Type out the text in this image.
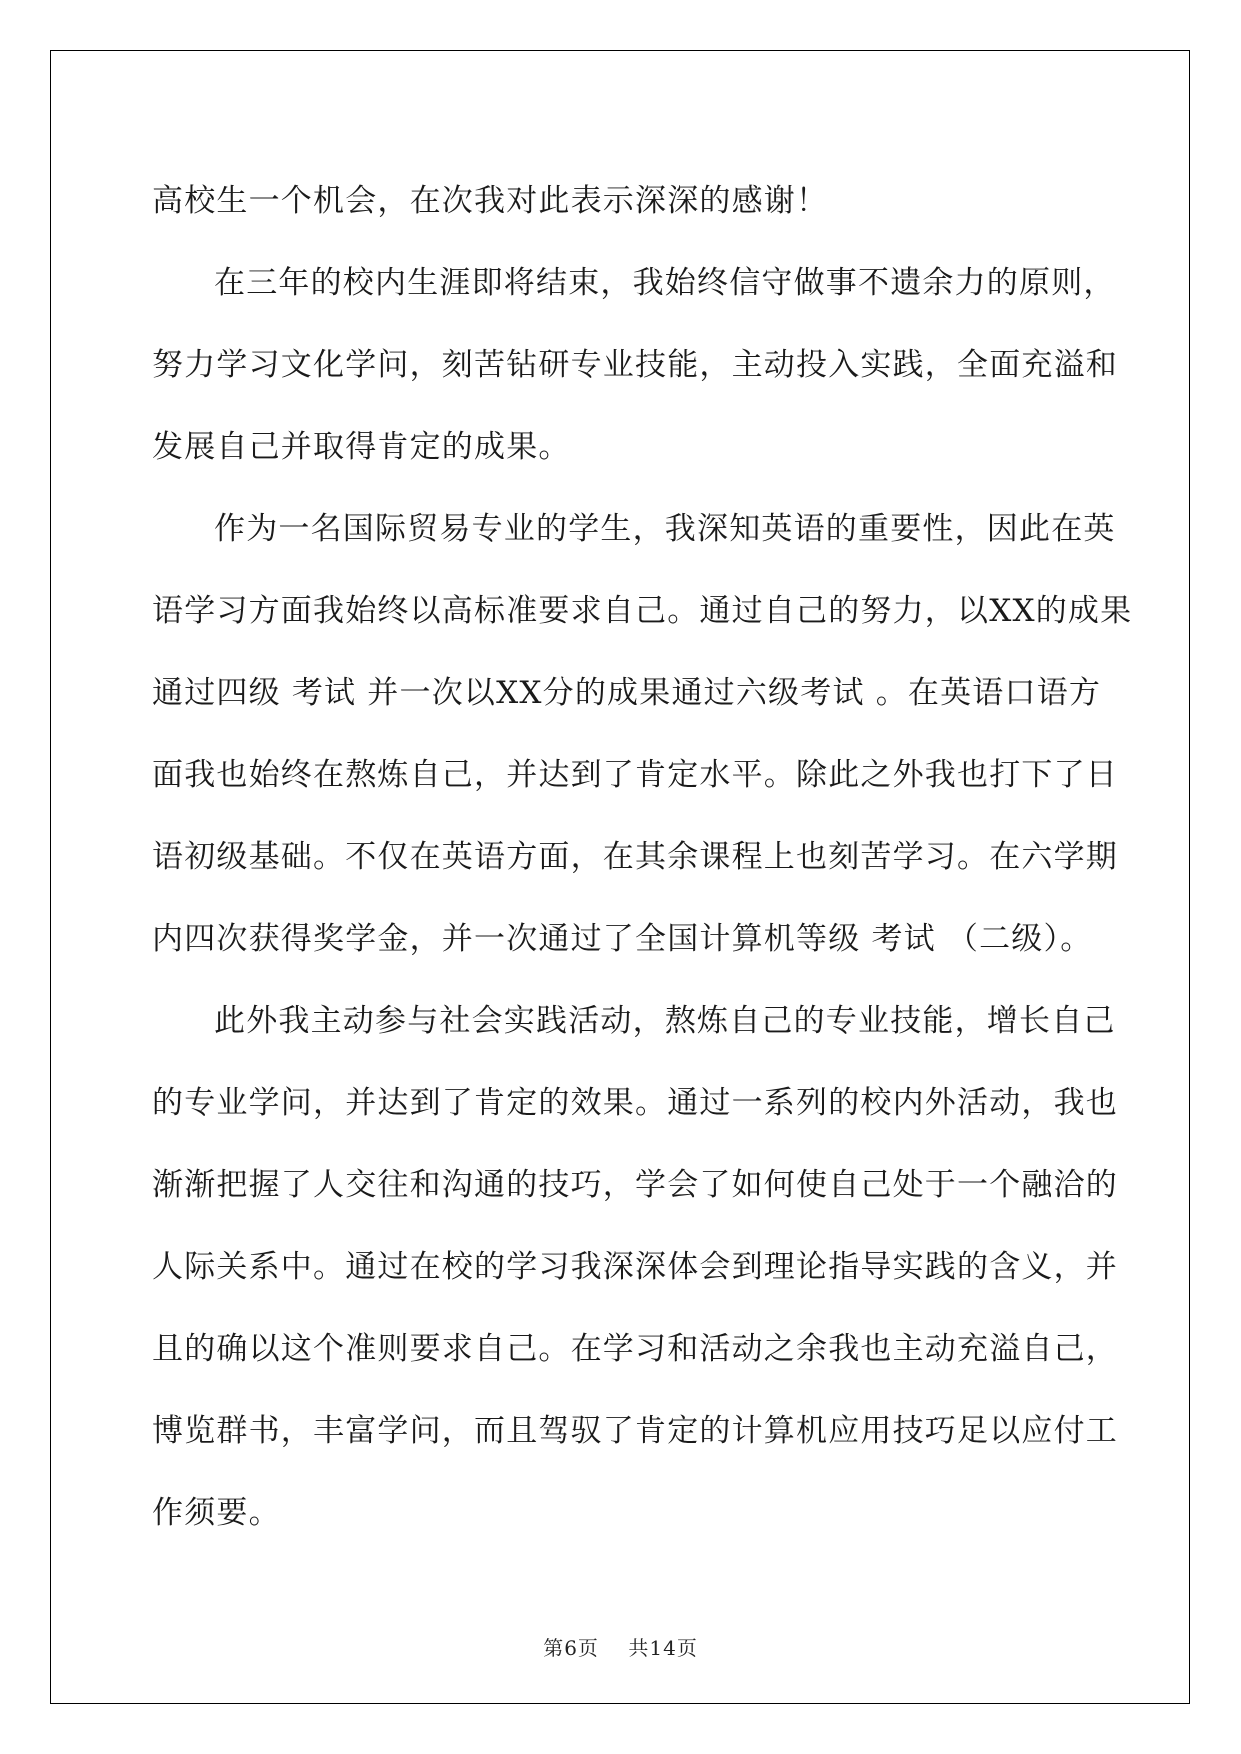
高校生一个机会，在次我对此表示深深的感谢！
在三年的校内生涯即将结束，我始终信守做事不遗余力的原则，
努力学习文化学问，刻苦钻研专业技能，主动投入实践，全面充溢和
发展自己并取得肯定的成果。
作为一名国际贸易专业的学生，我深知英语的重要性，因此在英
语学习方面我始终以高标准要求自己。通过自己的努力，以XX的成果
通过四级 考试 并一次以XX分的成果通过六级考试 。在英语口语方
面我也始终在熬炼自己，并达到了肯定水平。除此之外我也打下了日
语初级基础。不仅在英语方面，在其余课程上也刻苦学习。在六学期
内四次获得奖学金，并一次通过了全国计算机等级 考试 （二级）。
此外我主动参与社会实践活动，熬炼自己的专业技能，增长自己
的专业学问，并达到了肯定的效果。通过一系列的校内外活动，我也
渐渐把握了人交往和沟通的技巧，学会了如何使自己处于一个融洽的
人际关系中。通过在校的学习我深深体会到理论指导实践的含义，并
且的确以这个准则要求自己。在学习和活动之余我也主动充溢自己，
博览群书，丰富学问，而且驾驭了肯定的计算机应用技巧足以应付工
作须要。
第6页 共14页
